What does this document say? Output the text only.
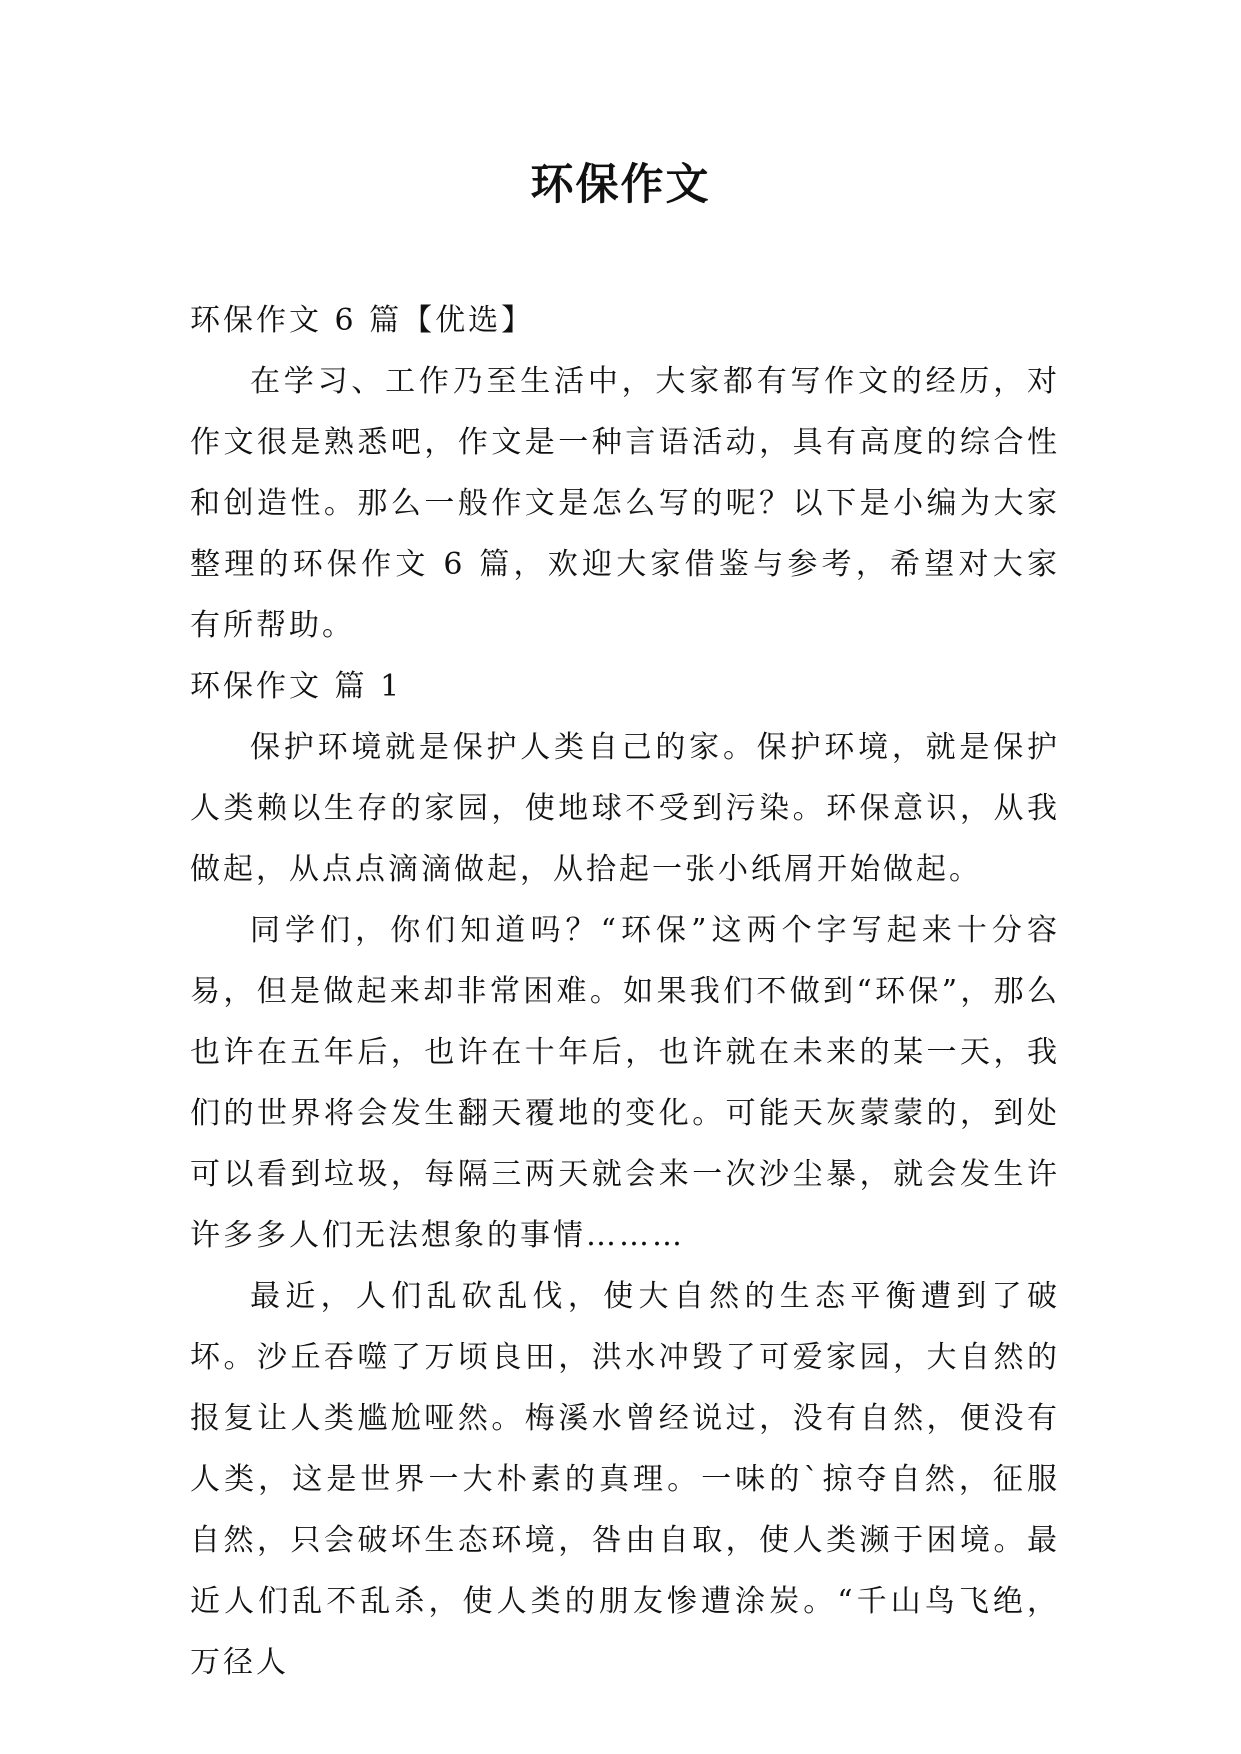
环保作文

环保作文 6 篇【优选】

在学习、工作乃至生活中，大家都有写作文的经历，对作文很是熟悉吧，作文是一种言语活动，具有高度的综合性和创造性。那么一般作文是怎么写的呢？以下是小编为大家整理的环保作文 6 篇，欢迎大家借鉴与参考，希望对大家有所帮助。

环保作文 篇 1

保护环境就是保护人类自己的家。保护环境，就是保护人类赖以生存的家园，使地球不受到污染。环保意识，从我做起，从点点滴滴做起，从拾起一张小纸屑开始做起。

同学们，你们知道吗？“环保”这两个字写起来十分容易，但是做起来却非常困难。如果我们不做到“环保”，那么也许在五年后，也许在十年后，也许就在未来的某一天，我们的世界将会发生翻天覆地的变化。可能天灰蒙蒙的，到处可以看到垃圾，每隔三两天就会来一次沙尘暴，就会发生许许多多人们无法想象的事情………

最近，人们乱砍乱伐，使大自然的生态平衡遭到了破坏。沙丘吞噬了万顷良田，洪水冲毁了可爱家园，大自然的报复让人类尴尬哑然。梅溪水曾经说过，没有自然，便没有人类，这是世界一大朴素的真理。一味的`掠夺自然，征服自然，只会破坏生态环境，咎由自取，使人类濒于困境。最近人们乱不乱杀，使人类的朋友惨遭涂炭。“千山鸟飞绝，万径人
